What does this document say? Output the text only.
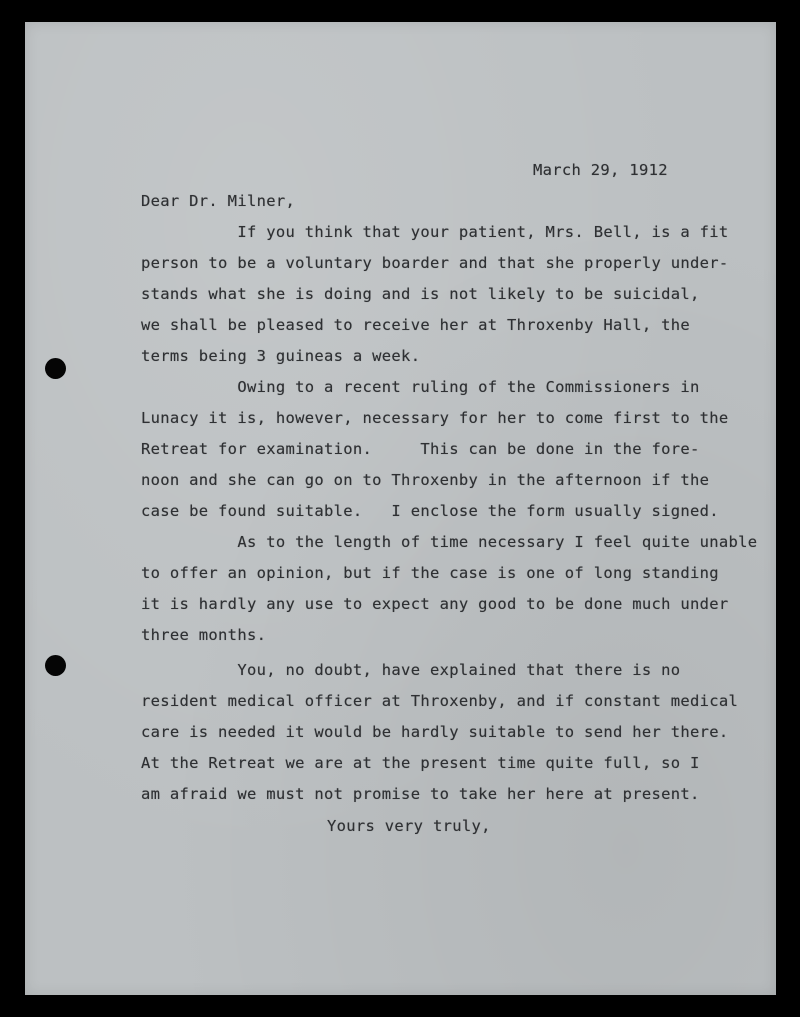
March 29, 1912

Dear Dr. Milner,

If you think that your patient, Mrs. Bell, is a fit

person to be a voluntary boarder and that she properly under-

stands what she is doing and is not likely to be suicidal,

we shall be pleased to receive her at Throxenby Hall, the

terms being 3 guineas a week.

Owing to a recent ruling of the Commissioners in

Lunacy it is, however, necessary for her to come first to the

Retreat for examination.     This can be done in the fore-

noon and she can go on to Throxenby in the afternoon if the

case be found suitable.   I enclose the form usually signed.

As to the length of time necessary I feel quite unable

to offer an opinion, but if the case is one of long standing

it is hardly any use to expect any good to be done much under

three months.

You, no doubt, have explained that there is no

resident medical officer at Throxenby, and if constant medical

care is needed it would be hardly suitable to send her there.

At the Retreat we are at the present time quite full, so I

am afraid we must not promise to take her here at present.

Yours very truly,
